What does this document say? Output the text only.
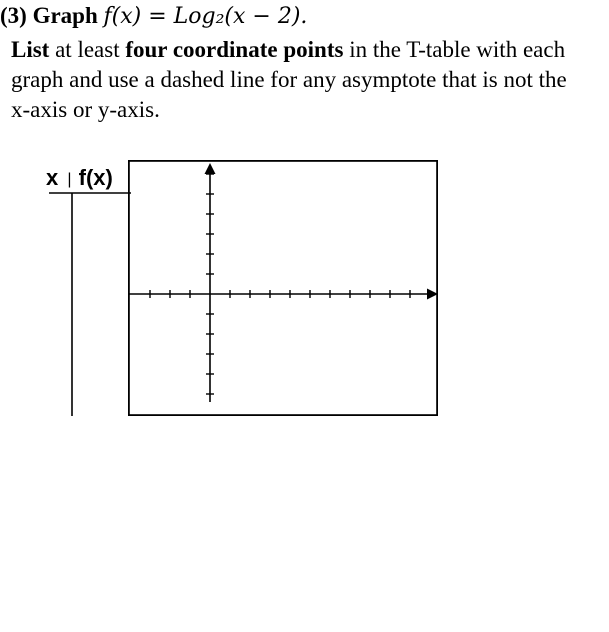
(3) Graph f(x) = Log₂(x − 2).
List at least four coordinate points in the T-table with each graph and use a dashed line for any asymptote that is not the x-axis or y-axis.
x | f(x)
